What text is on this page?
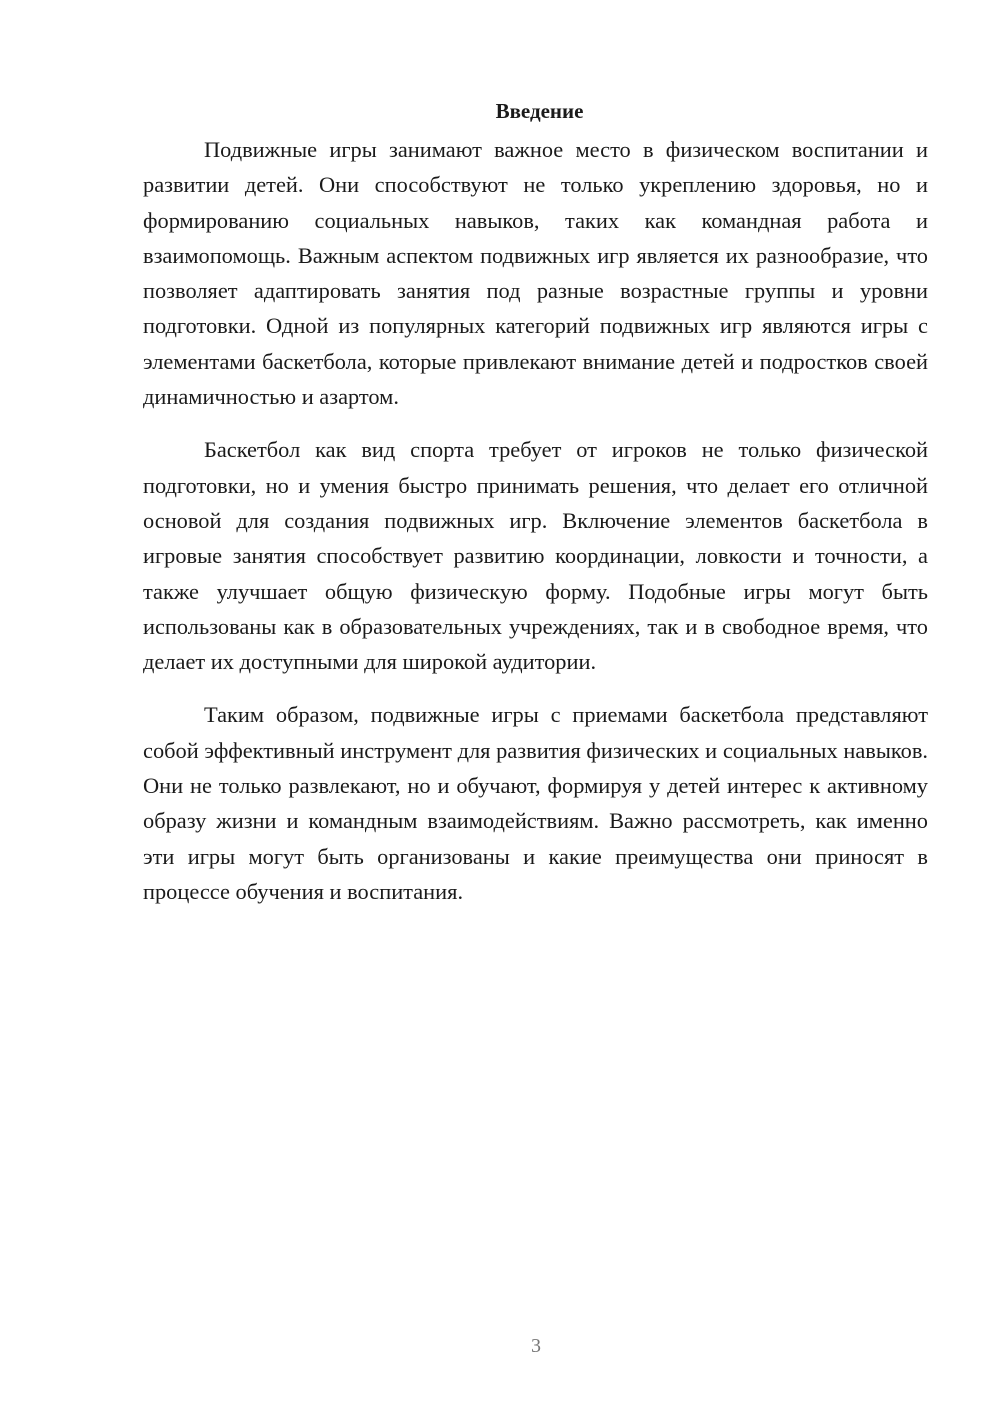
Введение

Подвижные игры занимают важное место в физическом воспитании и развитии детей. Они способствуют не только укреплению здоровья, но и формированию социальных навыков, таких как командная работа и взаимопомощь. Важным аспектом подвижных игр является их разнообразие, что позволяет адаптировать занятия под разные возрастные группы и уровни подготовки. Одной из популярных категорий подвижных игр являются игры с элементами баскетбола, которые привлекают внимание детей и подростков своей динамичностью и азартом.

Баскетбол как вид спорта требует от игроков не только физической подготовки, но и умения быстро принимать решения, что делает его отличной основой для создания подвижных игр. Включение элементов баскетбола в игровые занятия способствует развитию координации, ловкости и точности, а также улучшает общую физическую форму. Подобные игры могут быть использованы как в образовательных учреждениях, так и в свободное время, что делает их доступными для широкой аудитории.

Таким образом, подвижные игры с приемами баскетбола представляют собой эффективный инструмент для развития физических и социальных навыков. Они не только развлекают, но и обучают, формируя у детей интерес к активному образу жизни и командным взаимодействиям. Важно рассмотреть, как именно эти игры могут быть организованы и какие преимущества они приносят в процессе обучения и воспитания.

3
